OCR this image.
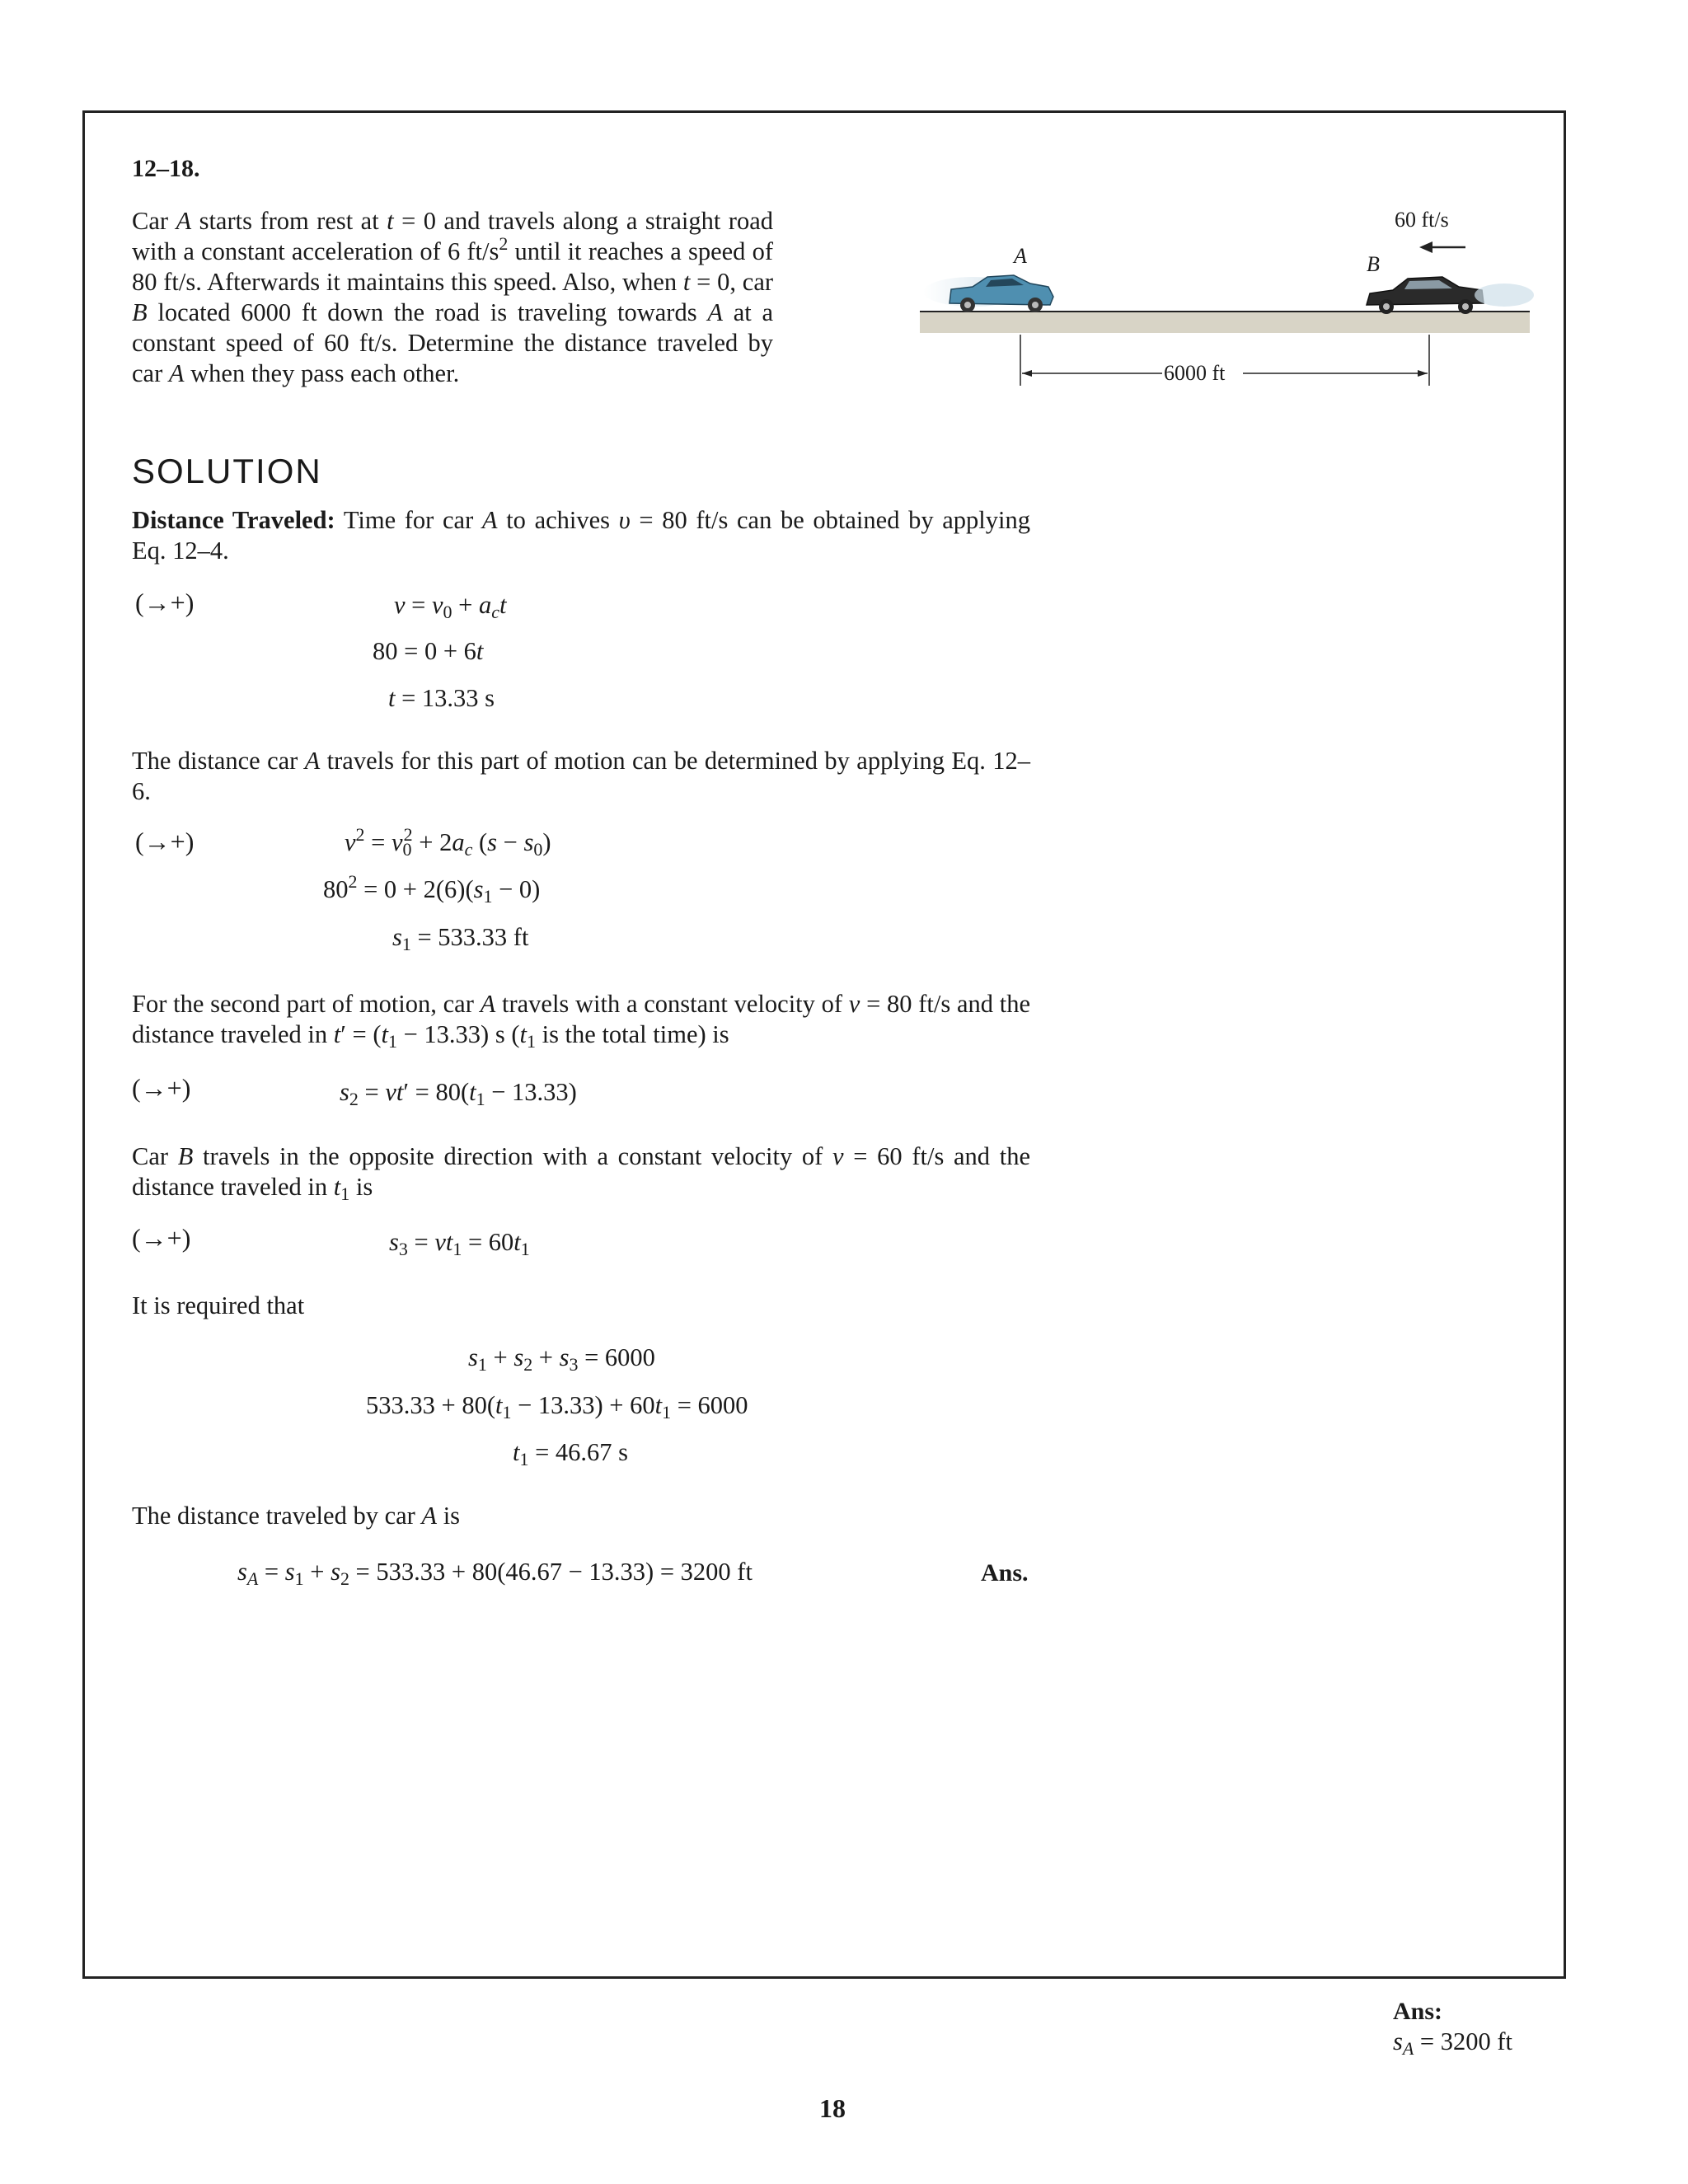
12–18.
Car A starts from rest at t = 0 and travels along a straight road with a constant acceleration of 6 $ft/s^2$ until it reaches a speed of 80 ft/s. Afterwards it maintains this speed. Also, when t = 0, car B located 6000 ft down the road is traveling towards A at a constant speed of 60 ft/s. Determine the distance traveled by car A when they pass each other.
A	B
60 ft/s
6000 ft
SOLUTION
Distance Traveled: Time for car A to achives υ = 80 ft/s can be obtained by applying Eq. 12–4.
(→+)	$v = v_0 + a_ct$
80 = 0 + 6t
t = 13.33 s
The distance car A travels for this part of motion can be determined by applying Eq. 12–6.
(→+)	$v^2 = v_0^2 + 2a_c$ $(s - s_0)$
$80^2 = 0 + 2(6)(s_1 - 0)$
$s_1 = 533.33$ ft
For the second part of motion, car A travels with a constant velocity of v = 80 ft/s and the distance traveled in $t' = (t_1 - 13.33)$ s ($t_1$ is the total time) is
(→+)	$s_2 = vt' = 80(t_1 - 13.33)$
Car B travels in the opposite direction with a constant velocity of v = 60 ft/s and the distance traveled in $t_1$ is
(→+)	$s_3 = vt_1 = 60t_1$
It is required that
$s_1 + s_2 + s_3 = 6000$
$533.33 + 80(t_1 - 13.33) + 60t_1 = 6000$
$t_1 = 46.67$ s
The distance traveled by car A is
$s_A = s_1 + s_2 = 533.33 + 80(46.67 - 13.33) = 3200$ ft	Ans.
Ans:
$s_A = 3200$ ft
18
